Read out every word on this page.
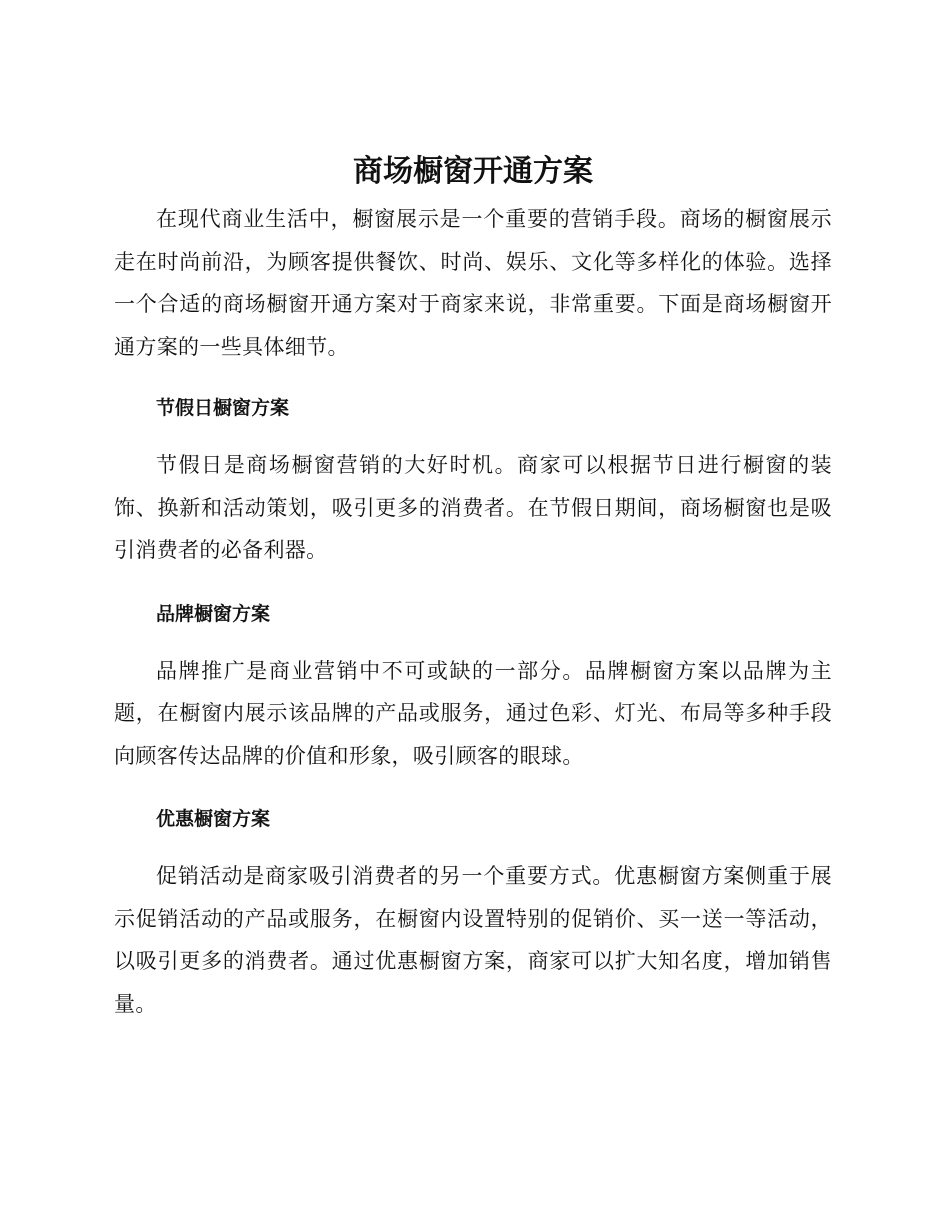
商场橱窗开通方案

在现代商业生活中，橱窗展示是一个重要的营销手段。商场的橱窗展示走在时尚前沿，为顾客提供餐饮、时尚、娱乐、文化等多样化的体验。选择一个合适的商场橱窗开通方案对于商家来说，非常重要。下面是商场橱窗开通方案的一些具体细节。

节假日橱窗方案

节假日是商场橱窗营销的大好时机。商家可以根据节日进行橱窗的装饰、换新和活动策划，吸引更多的消费者。在节假日期间，商场橱窗也是吸引消费者的必备利器。

品牌橱窗方案

品牌推广是商业营销中不可或缺的一部分。品牌橱窗方案以品牌为主题，在橱窗内展示该品牌的产品或服务，通过色彩、灯光、布局等多种手段向顾客传达品牌的价值和形象，吸引顾客的眼球。

优惠橱窗方案

促销活动是商家吸引消费者的另一个重要方式。优惠橱窗方案侧重于展示促销活动的产品或服务，在橱窗内设置特别的促销价、买一送一等活动，以吸引更多的消费者。通过优惠橱窗方案，商家可以扩大知名度，增加销售量。
